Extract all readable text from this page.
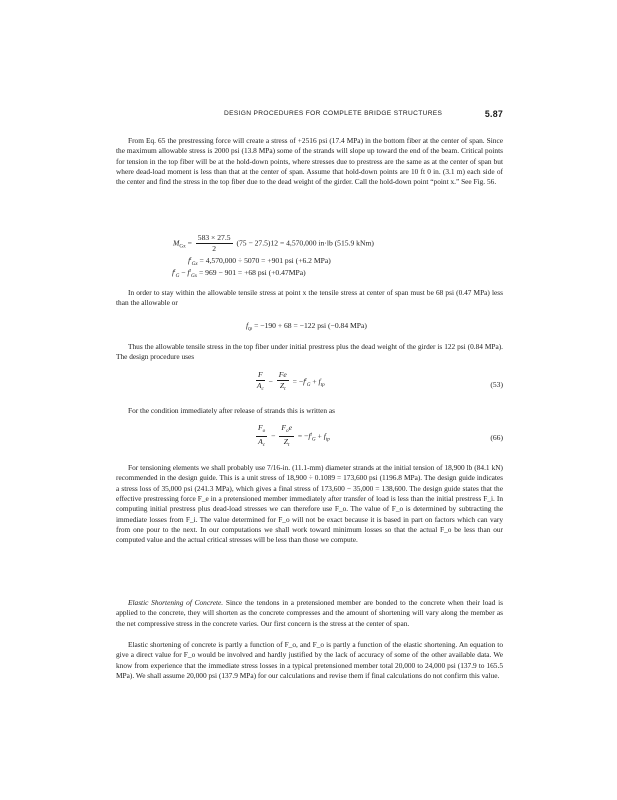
DESIGN PROCEDURES FOR COMPLETE BRIDGE STRUCTURES	5.87

From Eq. 65 the prestressing force will create a stress of +2516 psi (17.4 MPa) in the bottom fiber at the center of span. Since the maximum allowable stress is 2000 psi (13.8 MPa) some of the strands will slope up toward the end of the beam. Critical points for tension in the top fiber will be at the hold-down points, where stresses due to prestress are the same as at the center of span but where dead-load moment is less than that at the center of span. Assume that hold-down points are 10 ft 0 in. (3.1 m) each side of the center and find the stress in the top fiber due to the dead weight of the girder. Call the hold-down point “point x.” See Fig. 56.

$M_{Gx} = \frac{583 \times 27.5}{2} (75 - 27.5)12 = 4,570,000$ in·lb (515.9 kNm)
$f^t_{Gx} = 4,570,000 \div 5070 = +901$ psi (+6.2 MPa)
$f^t_G - f^t_{Gx} = 969 - 901 = +68$ psi (+0.47MPa)

In order to stay within the allowable tensile stress at point x the tensile stress at center of span must be 68 psi (0.47 MPa) less than the allowable or

$f_{tp} = -190 + 68 = -122$ psi (−0.84 MPa)

Thus the allowable tensile stress in the top fiber under initial prestress plus the dead weight of the girder is 122 psi (0.84 MPa). The design procedure uses

$\frac{F}{A_c} - \frac{Fe}{Z_t} = -f^t_G + f_{tp}$	(53)

For the condition immediately after release of strands this is written as

$\frac{F_o}{A_c} - \frac{F_oe}{Z_t} = -f^t_G + f_{tp}$	(66)

For tensioning elements we shall probably use 7/16-in. (11.1-mm) diameter strands at the initial tension of 18,900 lb (84.1 kN) recommended in the design guide. This is a unit stress of 18,900 ÷ 0.1089 = 173,600 psi (1196.8 MPa). The design guide indicates a stress loss of 35,000 psi (241.3 MPa), which gives a final stress of 173,600 − 35,000 = 138,600. The design guide states that the effective prestressing force F_e in a pretensioned member immediately after transfer of load is less than the initial prestress F_i. In computing initial prestress plus dead-load stresses we can therefore use F_o. The value of F_o is determined by subtracting the immediate losses from F_i. The value determined for F_o will not be exact because it is based in part on factors which can vary from one pour to the next. In our computations we shall work toward minimum losses so that the actual F_o be less than our computed value and the actual critical stresses will be less than those we compute.

Elastic Shortening of Concrete. Since the tendons in a pretensioned member are bonded to the concrete when their load is applied to the concrete, they will shorten as the concrete compresses and the amount of shortening will vary along the member as the net compressive stress in the concrete varies. Our first concern is the stress at the center of span.

Elastic shortening of concrete is partly a function of F_o, and F_o is partly a function of the elastic shortening. An equation to give a direct value for F_o would be involved and hardly justified by the lack of accuracy of some of the other available data. We know from experience that the immediate stress losses in a typical pretensioned member total 20,000 to 24,000 psi (137.9 to 165.5 MPa). We shall assume 20,000 psi (137.9 MPa) for our calculations and revise them if final calculations do not confirm this value.
